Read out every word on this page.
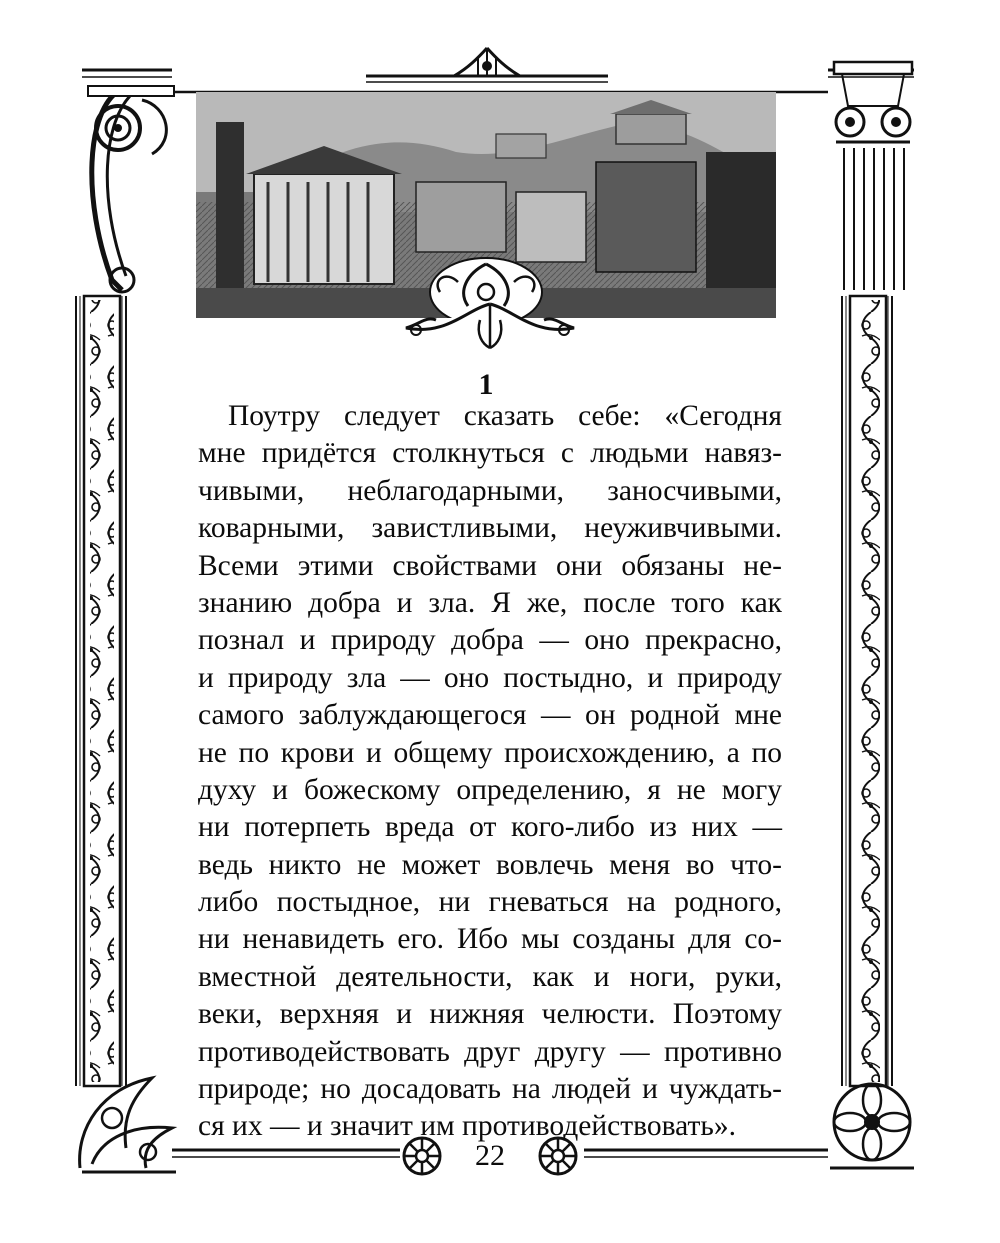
1
Поутру следует сказать себе: «Сегодня
мне придётся столкнуться с людьми навяз-
чивыми, неблагодарными, заносчивыми,
коварными, завистливыми, неуживчивыми.
Всеми этими свойствами они обязаны не-
знанию добра и зла. Я же, после того как
познал и природу добра — оно прекрасно,
и природу зла — оно постыдно, и природу
самого заблуждающегося — он родной мне
не по крови и общему происхождению, а по
духу и божескому определению, я не могу
ни потерпеть вреда от кого-либо из них —
ведь никто не может вовлечь меня во что-
либо постыдное, ни гневаться на родного,
ни ненавидеть его. Ибо мы созданы для со-
вместной деятельности, как и ноги, руки,
веки, верхняя и нижняя челюсти. Поэтому
противодействовать друг другу — противно
природе; но досадовать на людей и чуждать-
ся их — и значит им противодействовать».
22
